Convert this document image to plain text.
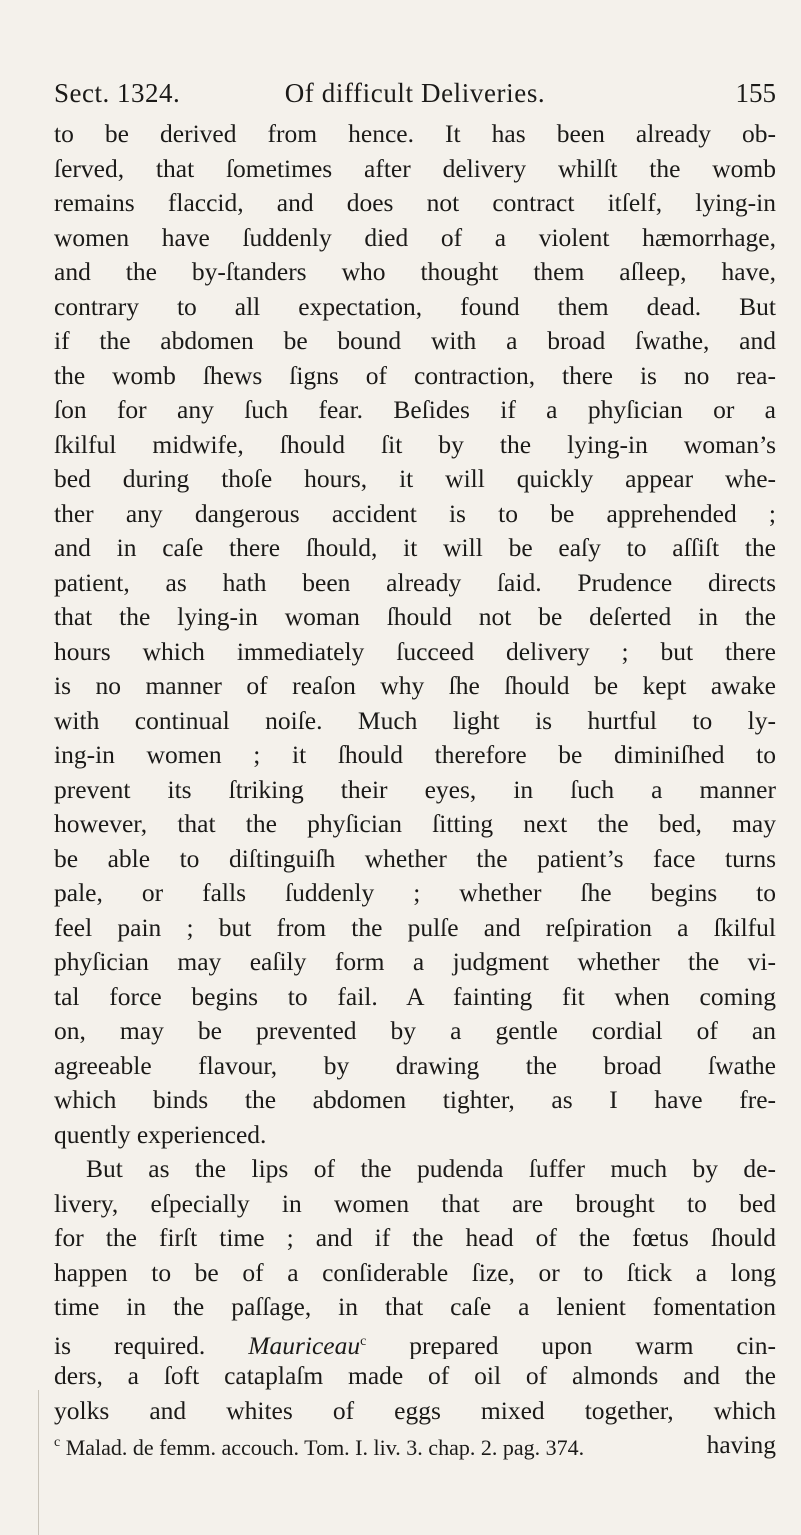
Sect. 1324.	Of difficult Deliveries.	155
to be derived from hence. It has been already ob-
ſerved, that ſometimes after delivery whilſt the womb
remains flaccid, and does not contract itſelf, lying-in
women have ſuddenly died of a violent hæmorrhage,
and the by-ſtanders who thought them aſleep, have,
contrary to all expectation, found them dead. But
if the abdomen be bound with a broad ſwathe, and
the womb ſhews ſigns of contraction, there is no rea-
ſon for any ſuch fear. Beſides if a phyſician or a
ſkilful midwife, ſhould ſit by the lying-in woman’s
bed during thoſe hours, it will quickly appear whe-
ther any dangerous accident is to be apprehended ;
and in caſe there ſhould, it will be eaſy to aſſiſt the
patient, as hath been already ſaid. Prudence directs
that the lying-in woman ſhould not be deſerted in the
hours which immediately ſucceed delivery ; but there
is no manner of reaſon why ſhe ſhould be kept awake
with continual noiſe. Much light is hurtful to ly-
ing-in women ; it ſhould therefore be diminiſhed to
prevent its ſtriking their eyes, in ſuch a manner
however, that the phyſician ſitting next the bed, may
be able to diſtinguiſh whether the patient’s face turns
pale, or falls ſuddenly ; whether ſhe begins to
feel pain ; but from the pulſe and reſpiration a ſkilful
phyſician may eaſily form a judgment whether the vi-
tal force begins to fail. A fainting fit when coming
on, may be prevented by a gentle cordial of an
agreeable flavour, by drawing the broad ſwathe
which binds the abdomen tighter, as I have fre-
quently experienced.
But as the lips of the pudenda ſuffer much by de-
livery, eſpecially in women that are brought to bed
for the firſt time ; and if the head of the fœtus ſhould
happen to be of a conſiderable ſize, or to ſtick a long
time in the paſſage, in that caſe a lenient fomentation
is required. Mauriceau$^c$ prepared upon warm cin-
ders, a ſoft cataplaſm made of oil of almonds and the
yolks and whites of eggs mixed together, which
having
$^c$ Malad. de femm. accouch. Tom. I. liv. 3. chap. 2. pag. 374.
